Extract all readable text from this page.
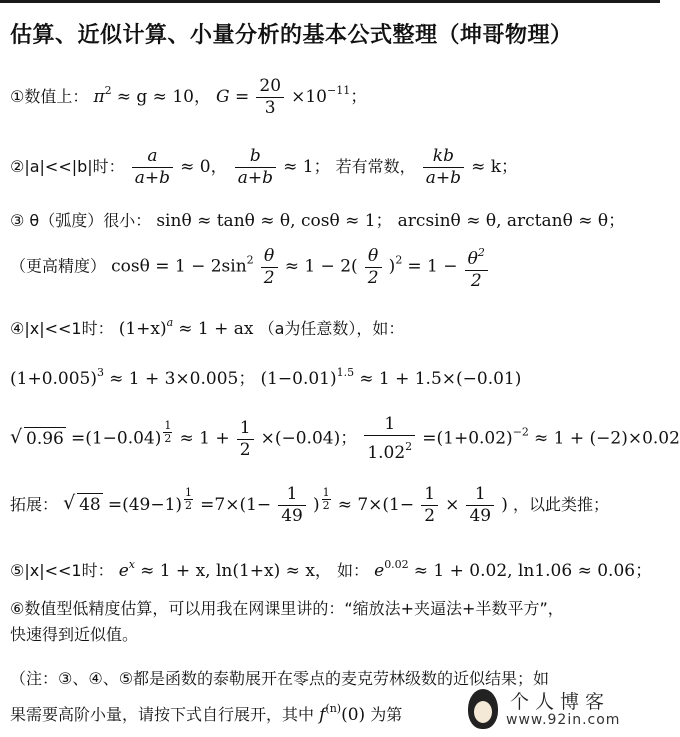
估算、近似计算、小量分析的基本公式整理（坤哥物理）
①数值上： $\pi^2 \approx g \approx 10$， $G = \frac{20}{3} \times 10^{-11}$；
②|a|<<|b|时： $\frac{a}{a+b} \approx 0$， $\frac{b}{a+b} \approx 1$； 若有常数， $\frac{kb}{a+b} \approx k$；
③ θ（弧度）很小： sinθ ≈ tanθ ≈ θ, cosθ ≈ 1； arcsinθ ≈ θ, arctanθ ≈ θ；
（更高精度） $\cos\theta = 1 - 2\sin^2 \frac{\theta}{2} \approx 1 - 2( \frac{\theta}{2} )^2 = 1 - \frac{\theta^2}{2}$
④|x|<<1时： $(1+x)^a \approx 1$ + ax （a为任意数），如：
$(1+0.005)^3 \approx 1 + 3\times 0.005$； $(1-0.01)^{1.5} \approx 1 + 1.5\times(-0.01)$
√ 0.96 =(1−0.04) $^{\frac{1}{2}} \approx 1 + \frac{1}{2} \times(-0.04)$； $\frac{1}{1.02^2} =(1+0.02)^{-2} \approx 1 + (-2)\times 0.02$
拓展： √ 48 =(49−1) $^{\frac{1}{2}} =7\times(1- \frac{1}{49}$ ) $^{\frac{1}{2}} \approx 7\times(1- \frac{1}{2} \times \frac{1}{49}$ ) ，以此类推；
⑤|x|<<1时： $e^x \approx 1 + x$, ln(1+x) ≈ x， 如： $e^{0.02} \approx 1 + 0.02$, ln1.06 ≈ 0.06；
⑥数值型低精度估算，可以用我在网课里讲的：“缩放法+夹逼法+半数平方”，
快速得到近似值。
（注：③、④、⑤都是函数的泰勒展开在零点的麦克劳林级数的近似结果；如
果需要高阶小量，请按下式自行展开，其中 $f^{(n)}(0)$ 为第
个人博客
www.92in.com
